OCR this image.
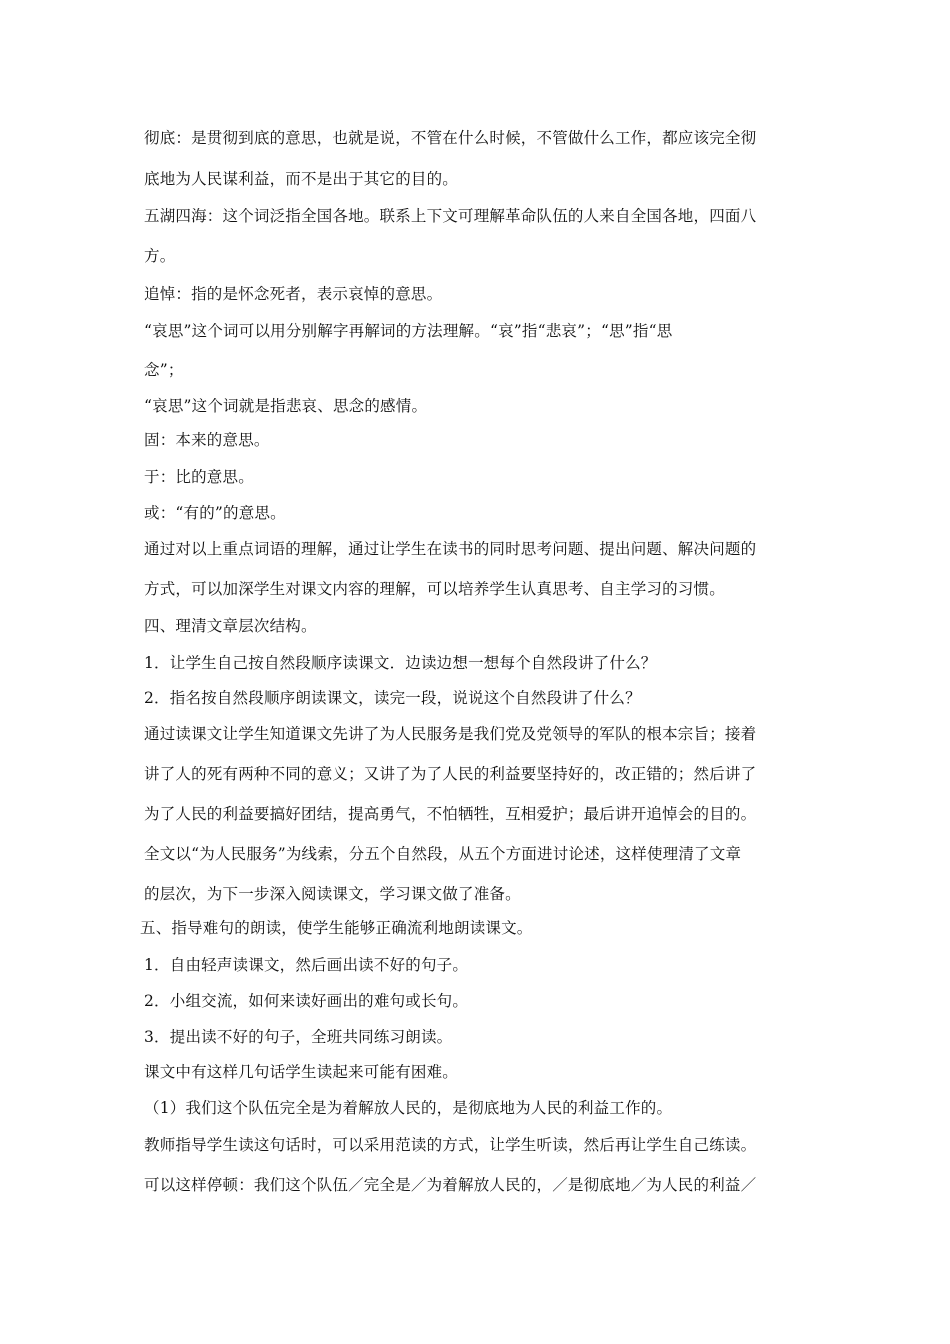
彻底：是贯彻到底的意思，也就是说，不管在什么时候，不管做什么工作，都应该完全彻
底地为人民谋利益，而不是出于其它的目的。
五湖四海：这个词泛指全国各地。联系上下文可理解革命队伍的人来自全国各地，四面八
方。
追悼：指的是怀念死者，表示哀悼的意思。
“哀思”这个词可以用分别解字再解词的方法理解。“哀”指“悲哀”；“思”指“思
念”；
“哀思”这个词就是指悲哀、思念的感情。
固：本来的意思。
于：比的意思。
或：“有的”的意思。
通过对以上重点词语的理解，通过让学生在读书的同时思考问题、提出问题、解决问题的
方式，可以加深学生对课文内容的理解，可以培养学生认真思考、自主学习的习惯。
四、理清文章层次结构。
1．让学生自己按自然段顺序读课文．边读边想一想每个自然段讲了什么？
2．指名按自然段顺序朗读课文，读完一段，说说这个自然段讲了什么？
通过读课文让学生知道课文先讲了为人民服务是我们党及党领导的军队的根本宗旨；接着
讲了人的死有两种不同的意义；又讲了为了人民的利益要坚持好的，改正错的；然后讲了
为了人民的利益要搞好团结，提高勇气，不怕牺牲，互相爱护；最后讲开追悼会的目的。
全文以“为人民服务”为线索，分五个自然段，从五个方面进讨论述，这样使理清了文章
的层次，为下一步深入阅读课文，学习课文做了准备。
五、指导难句的朗读，使学生能够正确流利地朗读课文。
1．自由轻声读课文，然后画出读不好的句子。
2．小组交流，如何来读好画出的难句或长句。
3．提出读不好的句子，全班共同练习朗读。
课文中有这样几句话学生读起来可能有困难。
（1）我们这个队伍完全是为着解放人民的，是彻底地为人民的利益工作的。
教师指导学生读这句话时，可以采用范读的方式，让学生听读，然后再让学生自己练读。
可以这样停顿：我们这个队伍／完全是／为着解放人民的，／是彻底地／为人民的利益／
